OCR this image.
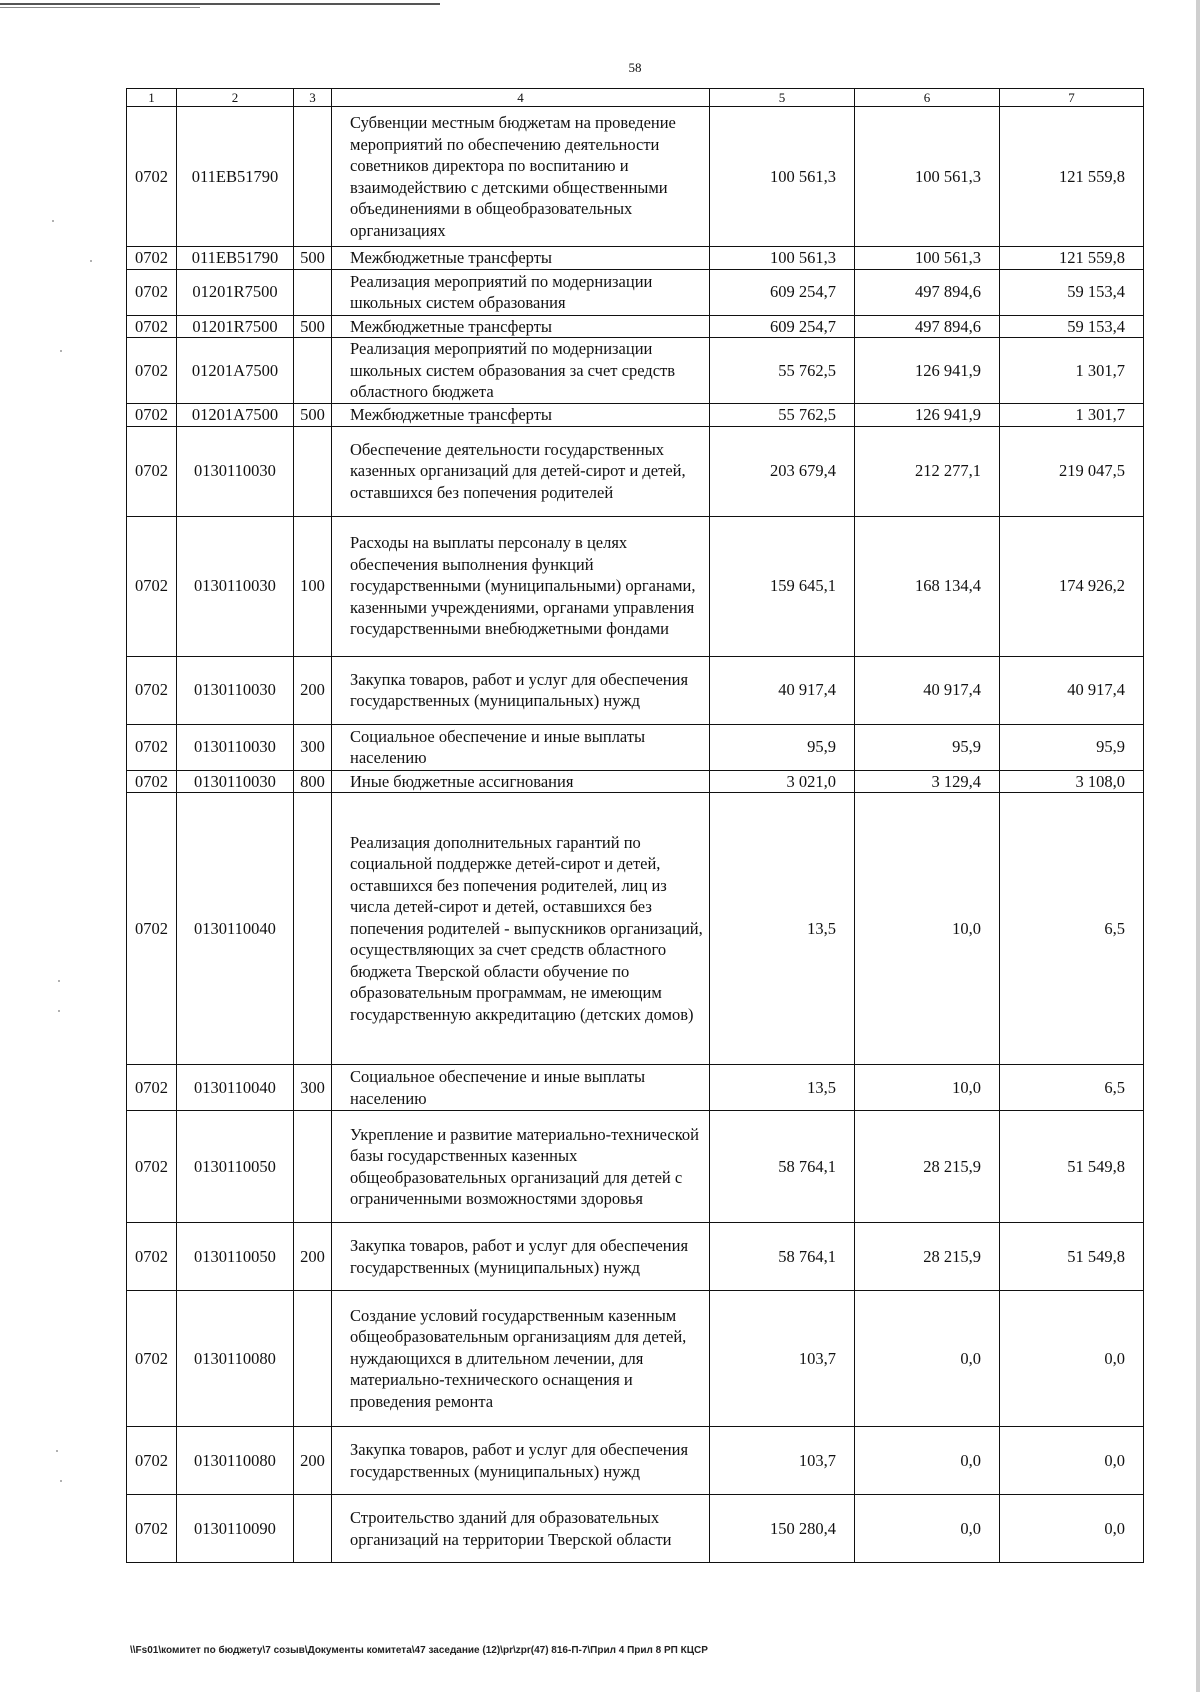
58
1	2	3	4	5	6	7
0702	011EB51790		Субвенции местным бюджетам на проведение мероприятий по обеспечению деятельности советников директора по воспитанию и взаимодействию с детскими общественными объединениями в общеобразовательных организациях	100 561,3	100 561,3	121 559,8
0702	011EB51790	500	Межбюджетные трансферты	100 561,3	100 561,3	121 559,8
0702	01201R7500		Реализация мероприятий по модернизации школьных систем образования	609 254,7	497 894,6	59 153,4
0702	01201R7500	500	Межбюджетные трансферты	609 254,7	497 894,6	59 153,4
0702	01201A7500		Реализация мероприятий по модернизации школьных систем образования за счет средств областного бюджета	55 762,5	126 941,9	1 301,7
0702	01201A7500	500	Межбюджетные трансферты	55 762,5	126 941,9	1 301,7
0702	0130110030		Обеспечение деятельности государственных казенных организаций для детей-сирот и детей, оставшихся без попечения родителей	203 679,4	212 277,1	219 047,5
0702	0130110030	100	Расходы на выплаты персоналу в целях обеспечения выполнения функций государственными (муниципальными) органами, казенными учреждениями, органами управления государственными внебюджетными фондами	159 645,1	168 134,4	174 926,2
0702	0130110030	200	Закупка товаров, работ и услуг для обеспечения государственных (муниципальных) нужд	40 917,4	40 917,4	40 917,4
0702	0130110030	300	Социальное обеспечение и иные выплаты населению	95,9	95,9	95,9
0702	0130110030	800	Иные бюджетные ассигнования	3 021,0	3 129,4	3 108,0
0702	0130110040		Реализация дополнительных гарантий по социальной поддержке детей-сирот и детей, оставшихся без попечения родителей, лиц из числа детей-сирот и детей, оставшихся без попечения родителей - выпускников организаций, осуществляющих за счет средств областного бюджета Тверской области обучение по образовательным программам, не имеющим государственную аккредитацию (детских домов)	13,5	10,0	6,5
0702	0130110040	300	Социальное обеспечение и иные выплаты населению	13,5	10,0	6,5
0702	0130110050		Укрепление и развитие материально-технической базы государственных казенных общеобразовательных организаций для детей с ограниченными возможностями здоровья	58 764,1	28 215,9	51 549,8
0702	0130110050	200	Закупка товаров, работ и услуг для обеспечения государственных (муниципальных) нужд	58 764,1	28 215,9	51 549,8
0702	0130110080		Создание условий государственным казенным общеобразовательным организациям для детей, нуждающихся в длительном лечении, для материально-технического оснащения и проведения ремонта	103,7	0,0	0,0
0702	0130110080	200	Закупка товаров, работ и услуг для обеспечения государственных (муниципальных) нужд	103,7	0,0	0,0
0702	0130110090		Строительство зданий для образовательных организаций на территории Тверской области	150 280,4	0,0	0,0
\\Fs01\комитет по бюджету\7 созыв\Документы комитета\47 заседание (12)\pr\zpr(47) 816-П-7\Прил 4 Прил 8 РП КЦСР
